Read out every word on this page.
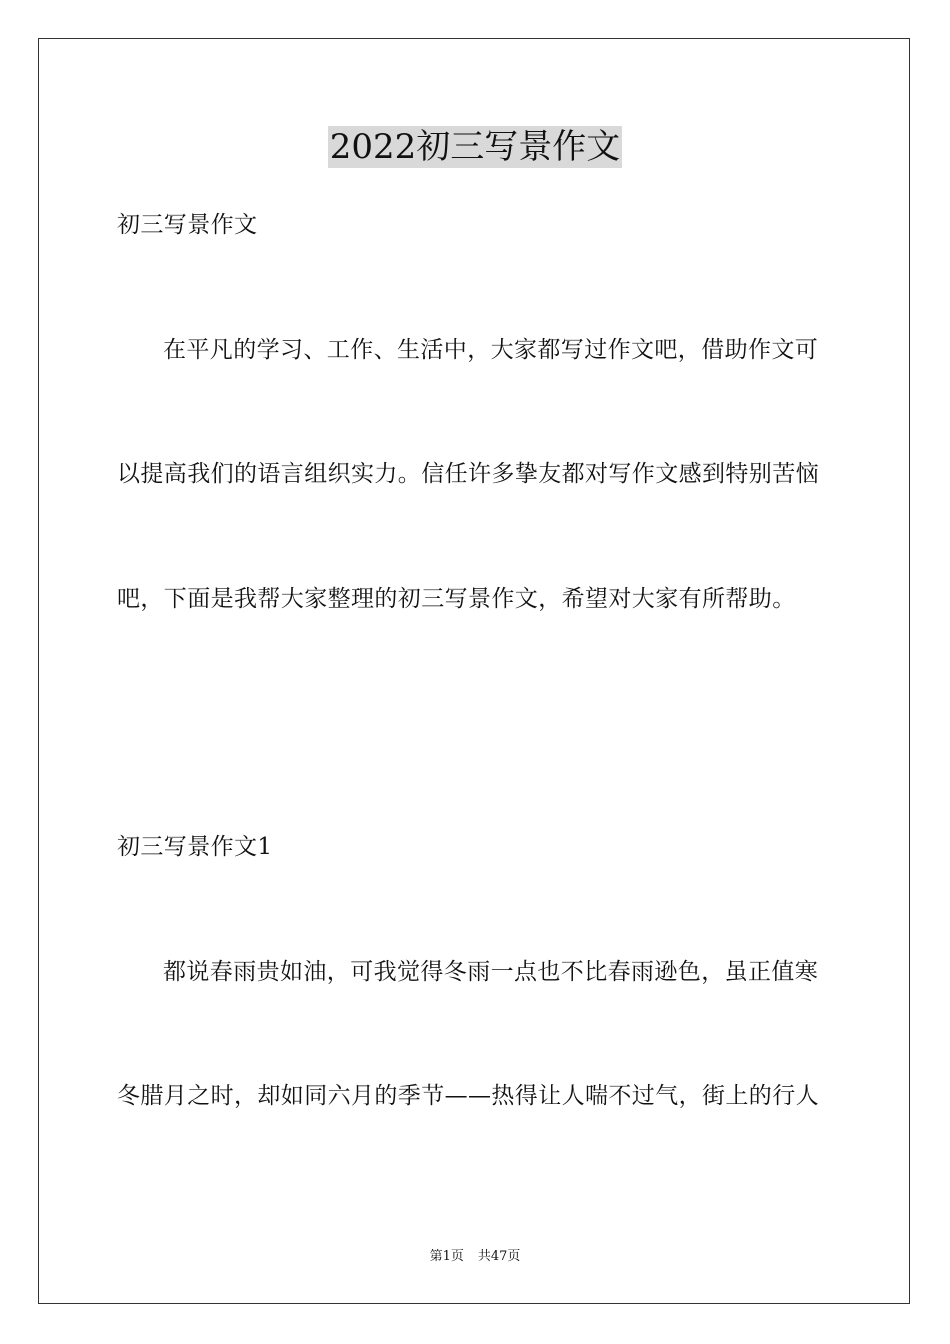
2022初三写景作文
初三写景作文
在平凡的学习、工作、生活中，大家都写过作文吧，借助作文可
以提高我们的语言组织实力。信任许多挚友都对写作文感到特别苦恼
吧，下面是我帮大家整理的初三写景作文，希望对大家有所帮助。
初三写景作文1
都说春雨贵如油，可我觉得冬雨一点也不比春雨逊色，虽正值寒
冬腊月之时，却如同六月的季节——热得让人喘不过气，街上的行人
第1页 共47页
